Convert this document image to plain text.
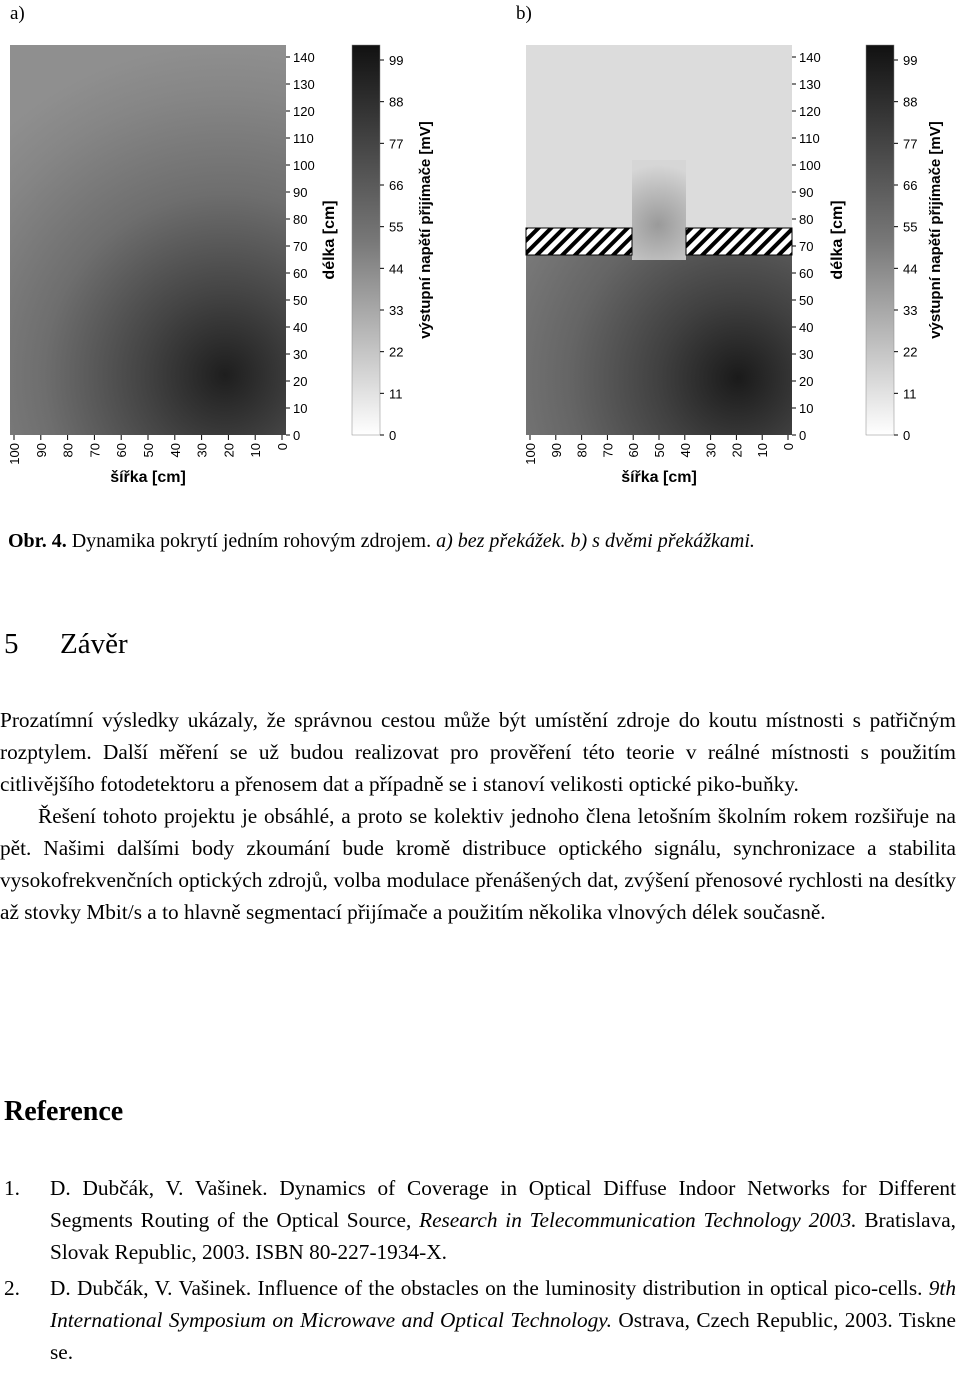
a)	b)
140
130
120
110
100
90
80
70
60
50
40
30
20
10
0
100 90 80 70 60 50 40 30 20 10 0
šířka [cm]
délka [cm]
99
88
77
66
55
44
33
22
11
0
výstupní napětí přijímače [mV]
140
130
120
110
100
90
80
70
60
50
40
30
20
10
0
100 90 80 70 60 50 40 30 20 10 0
šířka [cm]
délka [cm]
99
88
77
66
55
44
33
22
11
0
výstupní napětí přijímače [mV]
Obr. 4. Dynamika pokrytí jedním rohovým zdrojem. a) bez překážek. b) s dvěmi překážkami.
5 Závěr

Prozatímní výsledky ukázaly, že správnou cestou může být umístění zdroje do koutu místnosti s patřičným rozptylem. Další měření se už budou realizovat pro prověření této teorie v reálné místnosti s použitím citlivějšího fotodetektoru a přenosem dat a případně se i stanoví velikosti optické piko-buňky.

Řešení tohoto projektu je obsáhlé, a proto se kolektiv jednoho člena letošním školním rokem rozšiřuje na pět. Našimi dalšími body zkoumání bude kromě distribuce optického signálu, synchronizace a stabilita vysokofrekvenčních optických zdrojů, volba modulace přenášených dat, zvýšení přenosové rychlosti na desítky až stovky Mbit/s a to hlavně segmentací přijímače a použitím několika vlnových délek současně.

Reference
1. D. Dubčák, V. Vašinek. Dynamics of Coverage in Optical Diffuse Indoor Networks for Different Segments Routing of the Optical Source, Research in Telecommunication Technology 2003. Bratislava, Slovak Republic, 2003. ISBN 80-227-1934-X.
2. D. Dubčák, V. Vašinek. Influence of the obstacles on the luminosity distribution in optical pico-cells. 9th International Symposium on Microwave and Optical Technology. Ostrava, Czech Republic, 2003. Tiskne se.
